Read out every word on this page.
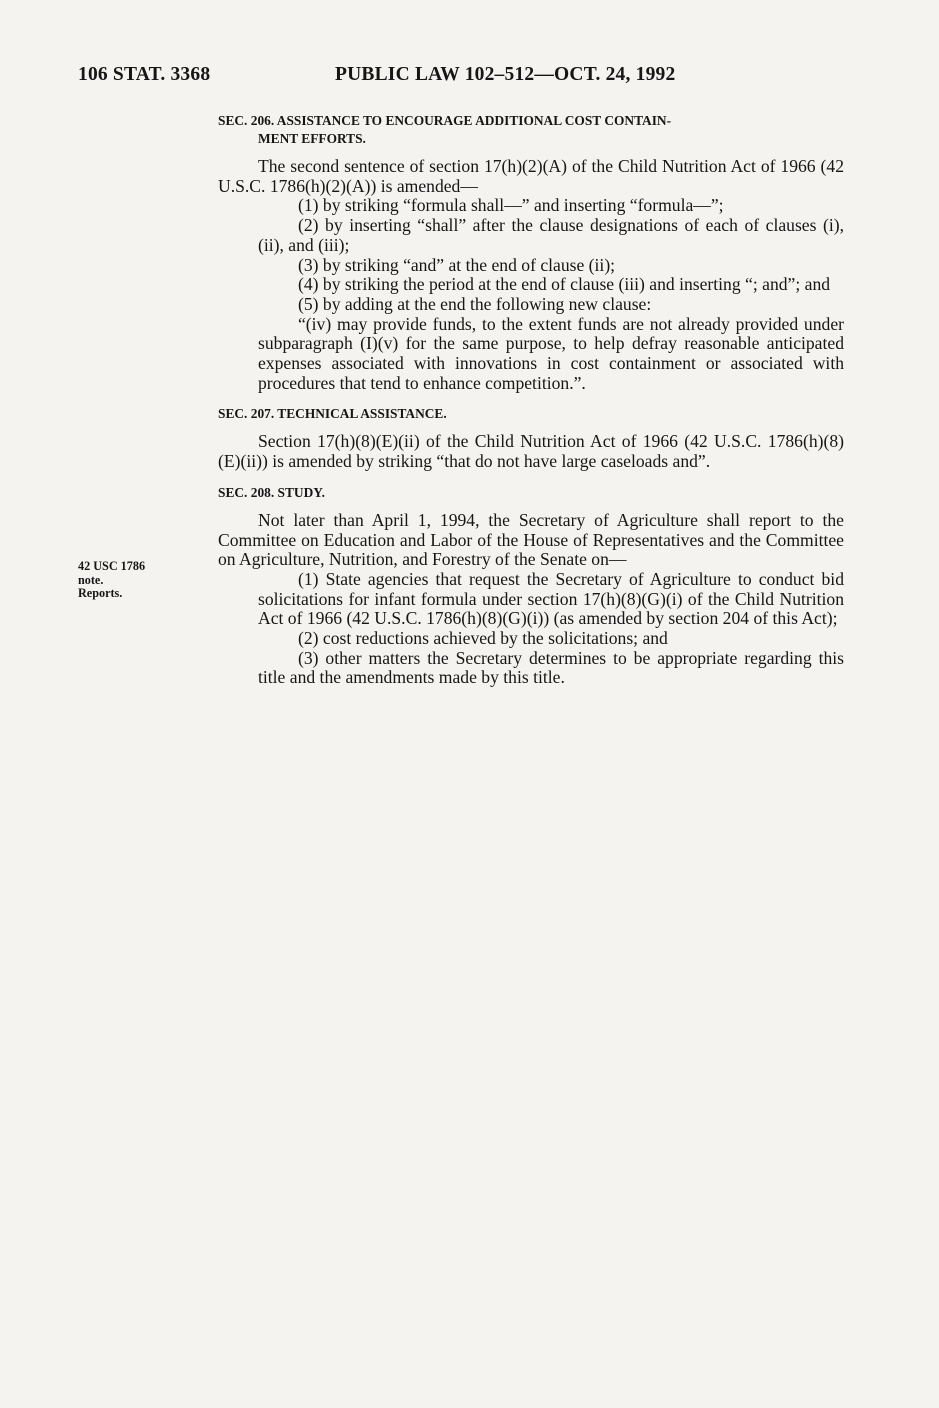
106 STAT. 3368	PUBLIC LAW 102–512—OCT. 24, 1992
42 USC 1786
note.
Reports.
SEC. 206. ASSISTANCE TO ENCOURAGE ADDITIONAL COST CONTAIN-
MENT EFFORTS.

The second sentence of section 17(h)(2)(A) of the Child Nutrition Act of 1966 (42 U.S.C. 1786(h)(2)(A)) is amended—

(1) by striking “formula shall—” and inserting “formula—”;

(2) by inserting “shall” after the clause designations of each of clauses (i), (ii), and (iii);

(3) by striking “and” at the end of clause (ii);

(4) by striking the period at the end of clause (iii) and inserting “; and”; and

(5) by adding at the end the following new clause:

“(iv) may provide funds, to the extent funds are not already provided under subparagraph (I)(v) for the same purpose, to help defray reasonable anticipated expenses associated with innovations in cost containment or associated with procedures that tend to enhance competition.”.

SEC. 207. TECHNICAL ASSISTANCE.

Section 17(h)(8)(E)(ii) of the Child Nutrition Act of 1966 (42 U.S.C. 1786(h)(8)(E)(ii)) is amended by striking “that do not have large caseloads and”.

SEC. 208. STUDY.

Not later than April 1, 1994, the Secretary of Agriculture shall report to the Committee on Education and Labor of the House of Representatives and the Committee on Agriculture, Nutrition, and Forestry of the Senate on—

(1) State agencies that request the Secretary of Agriculture to conduct bid solicitations for infant formula under section 17(h)(8)(G)(i) of the Child Nutrition Act of 1966 (42 U.S.C. 1786(h)(8)(G)(i)) (as amended by section 204 of this Act);

(2) cost reductions achieved by the solicitations; and

(3) other matters the Secretary determines to be appropriate regarding this title and the amendments made by this title.
